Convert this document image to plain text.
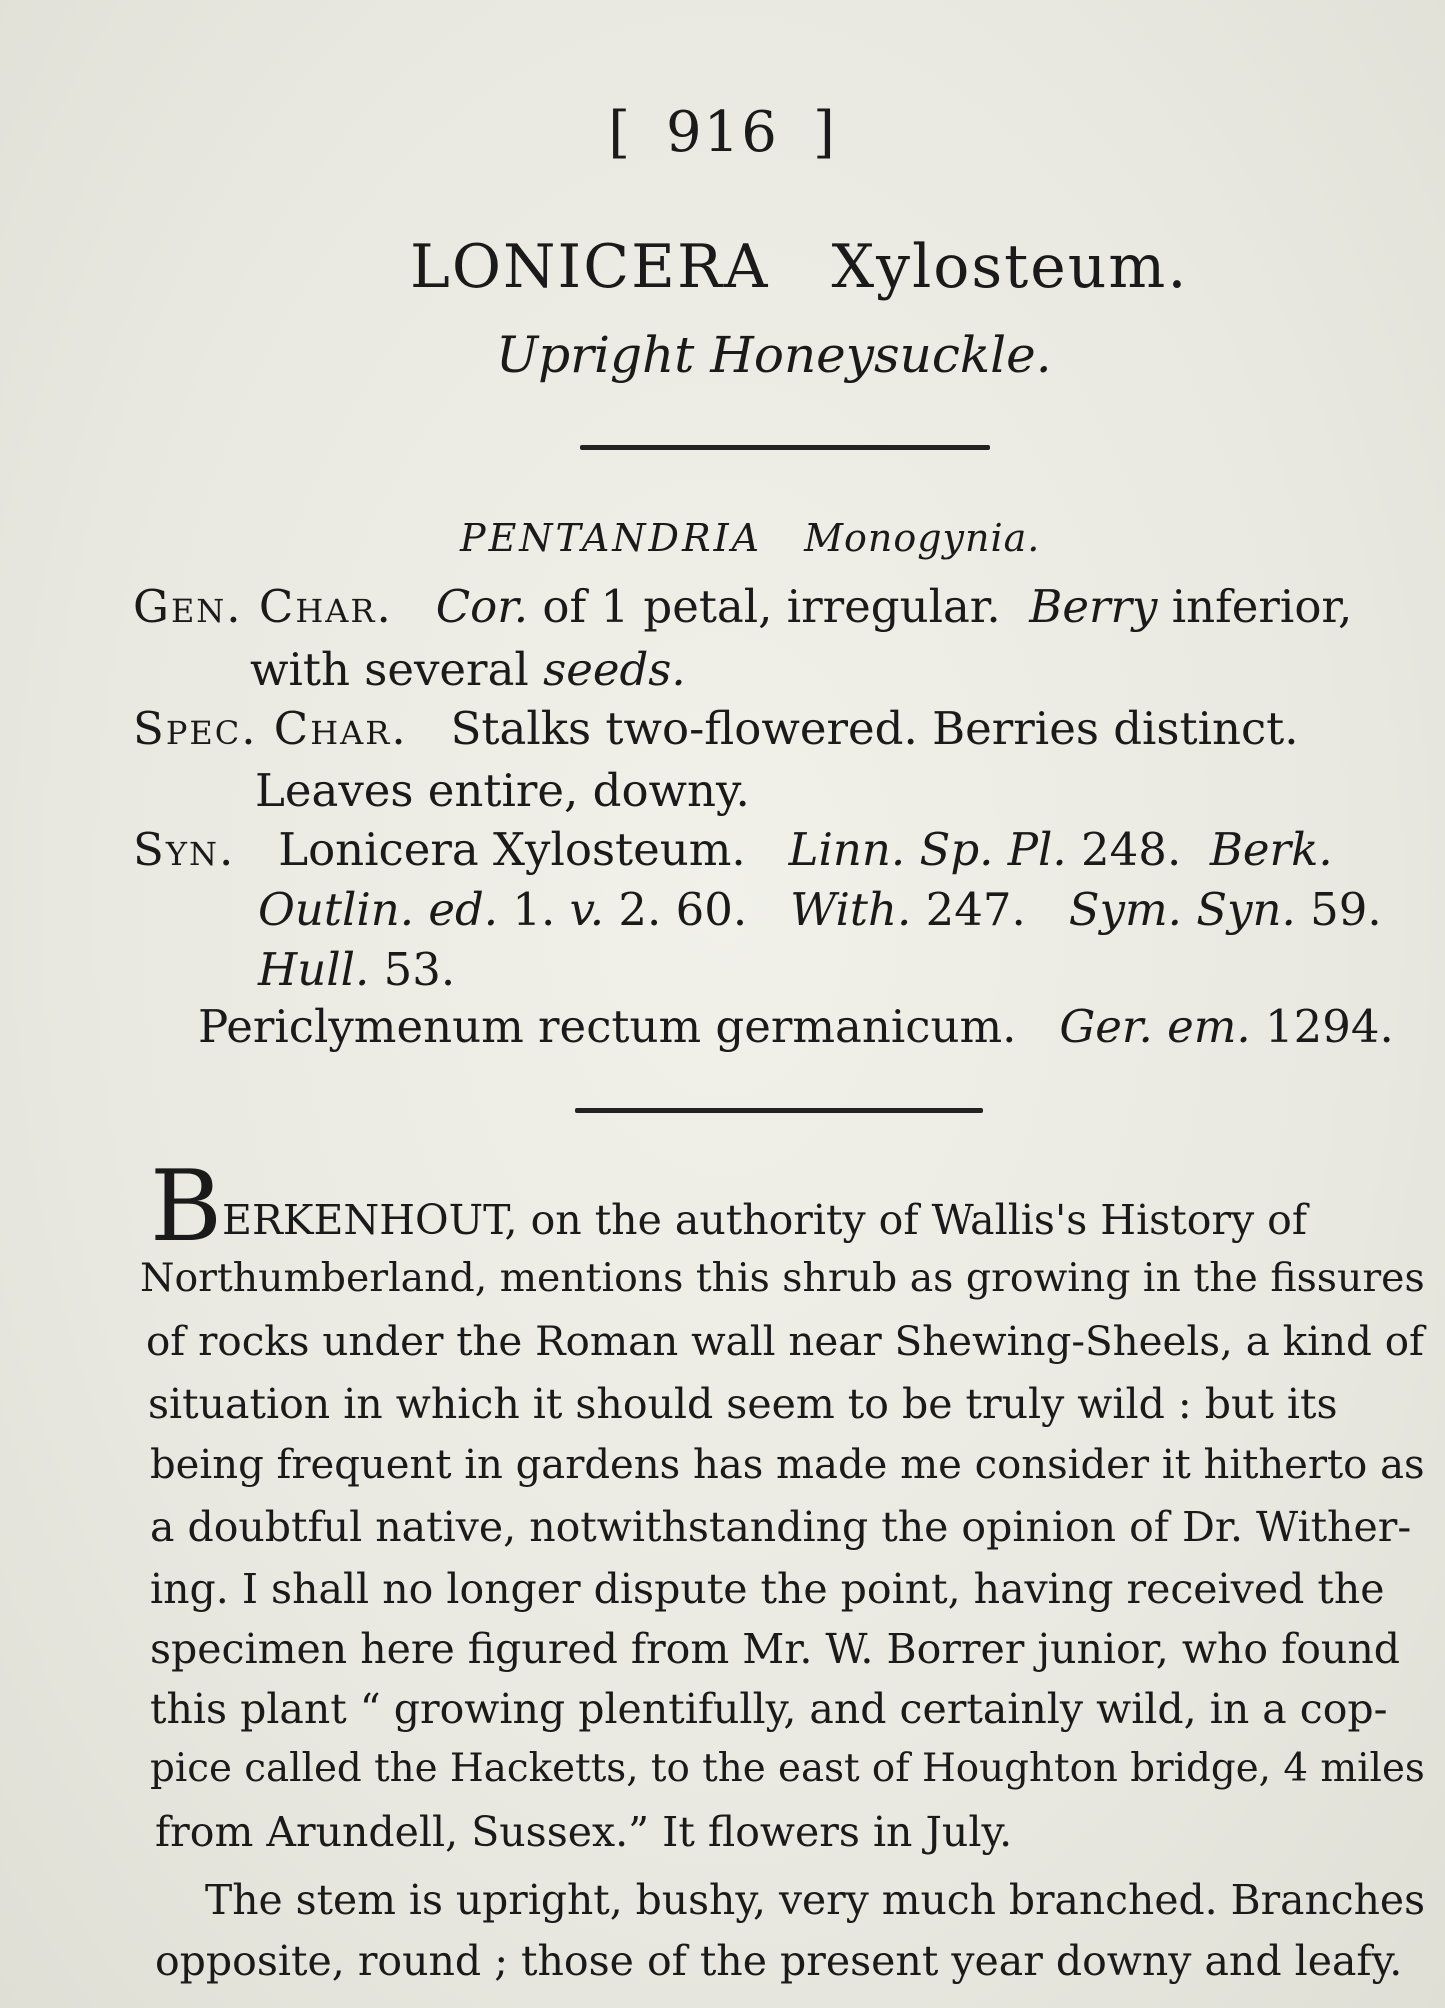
[ 916 ]
LONICERA Xylosteum.
Upright Honeysuckle.
PENTANDRIA Monogynia.
Gen. Char. Cor. of 1 petal, irregular. Berry inferior,
with several seeds.
Spec. Char. Stalks two-flowered. Berries distinct.
Leaves entire, downy.
Syn. Lonicera Xylosteum. Linn. Sp. Pl. 248. Berk.
Outlin. ed. 1. v. 2. 60. With. 247. Sym. Syn. 59.
Hull. 53.
Periclymenum rectum germanicum. Ger. em. 1294.
BERKENHOUT, on the authority of Wallis's History of
Northumberland, mentions this shrub as growing in the fissures
of rocks under the Roman wall near Shewing-Sheels, a kind of
situation in which it should seem to be truly wild : but its
being frequent in gardens has made me consider it hitherto as
a doubtful native, notwithstanding the opinion of Dr. Wither-
ing. I shall no longer dispute the point, having received the
specimen here figured from Mr. W. Borrer junior, who found
this plant “ growing plentifully, and certainly wild, in a cop-
pice called the Hacketts, to the east of Houghton bridge, 4 miles
from Arundell, Sussex.” It flowers in July.
The stem is upright, bushy, very much branched. Branches
opposite, round ; those of the present year downy and leafy.
